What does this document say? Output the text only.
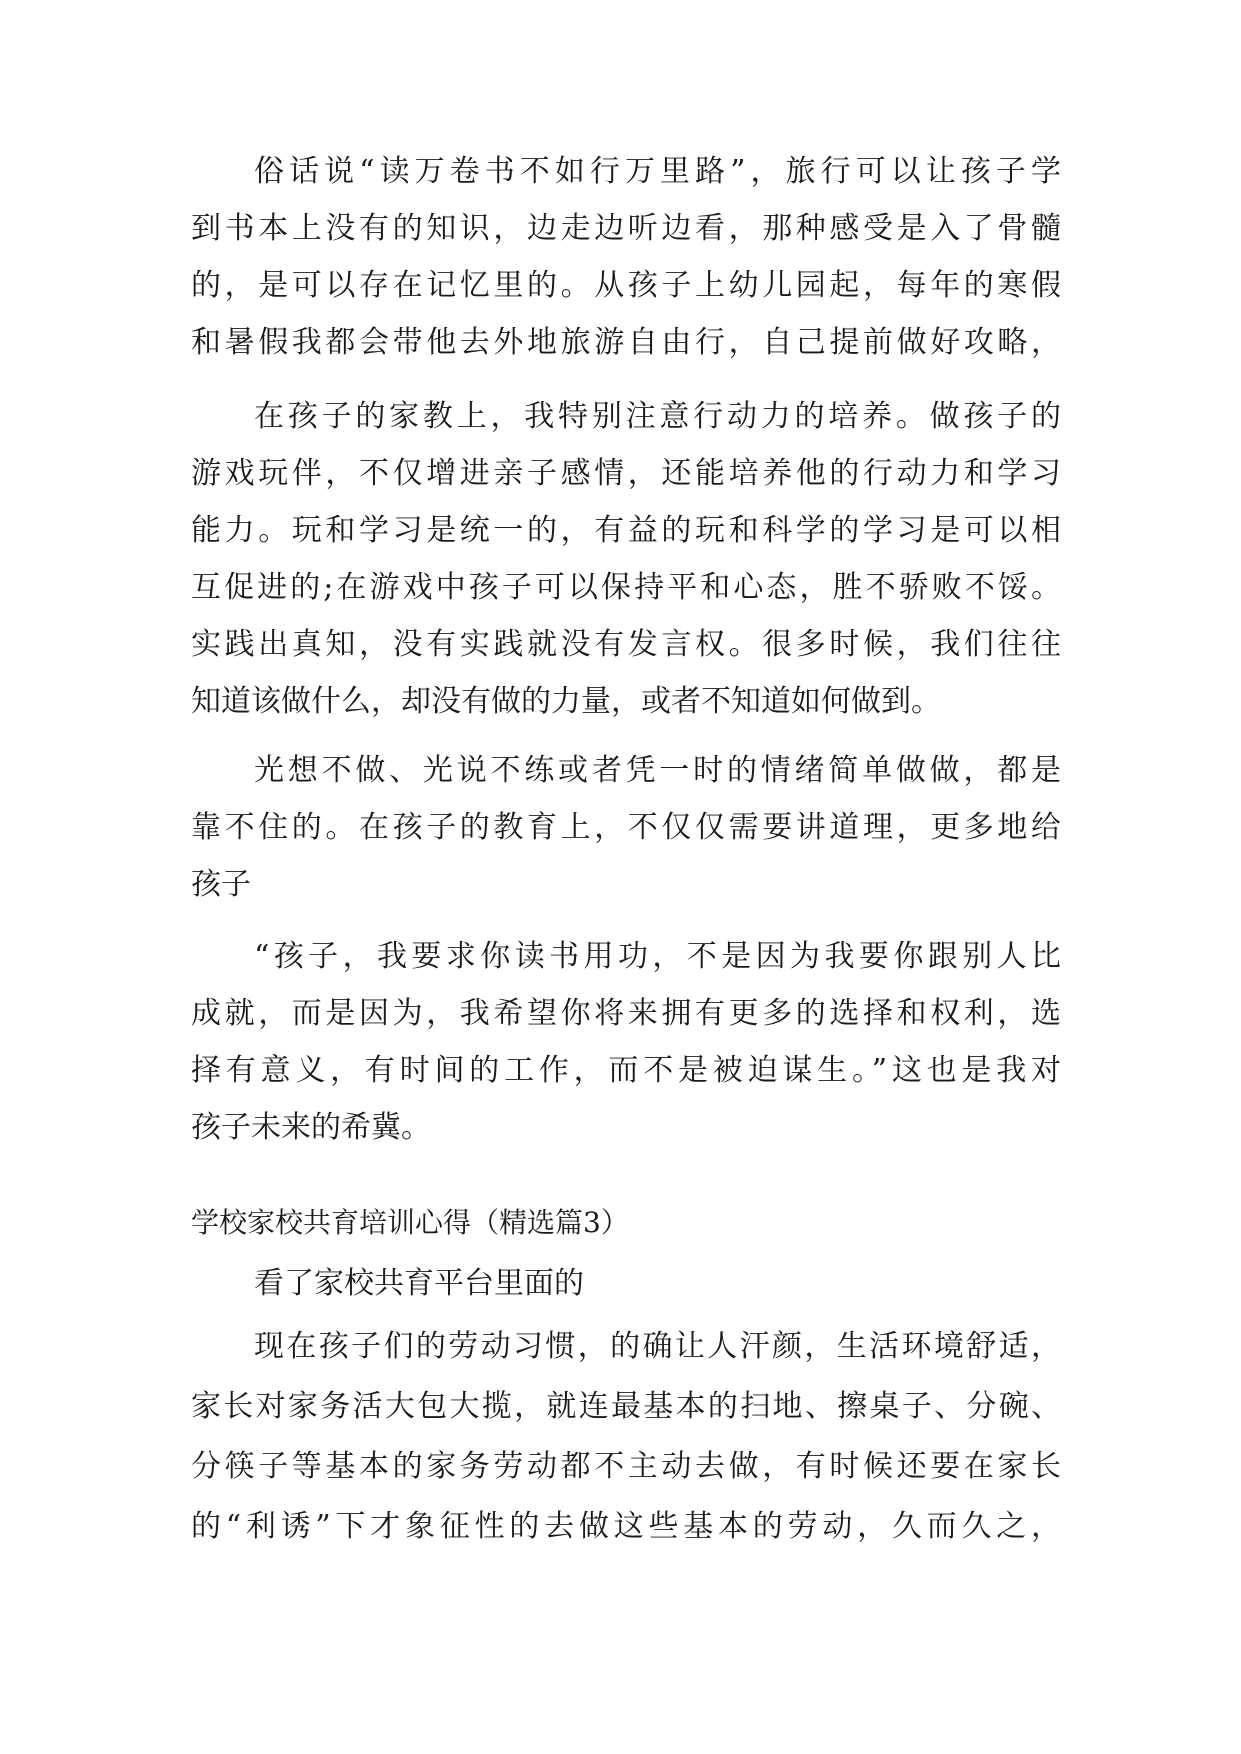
俗话说“读万卷书不如行万里路”，旅行可以让孩子学
到书本上没有的知识，边走边听边看，那种感受是入了骨髓
的，是可以存在记忆里的。从孩子上幼儿园起，每年的寒假
和暑假我都会带他去外地旅游自由行，自己提前做好攻略，
在孩子的家教上，我特别注意行动力的培养。做孩子的
游戏玩伴，不仅增进亲子感情，还能培养他的行动力和学习
能力。玩和学习是统一的，有益的玩和科学的学习是可以相
互促进的;在游戏中孩子可以保持平和心态，胜不骄败不馁。
实践出真知，没有实践就没有发言权。很多时候，我们往往
知道该做什么，却没有做的力量，或者不知道如何做到。
光想不做、光说不练或者凭一时的情绪简单做做，都是
靠不住的。在孩子的教育上，不仅仅需要讲道理，更多地给
孩子
“孩子，我要求你读书用功，不是因为我要你跟别人比
成就，而是因为，我希望你将来拥有更多的选择和权利，选
择有意义，有时间的工作，而不是被迫谋生。”这也是我对
孩子未来的希冀。
学校家校共育培训心得（精选篇3）
看了家校共育平台里面的
现在孩子们的劳动习惯，的确让人汗颜，生活环境舒适，
家长对家务活大包大揽，就连最基本的扫地、擦桌子、分碗、
分筷子等基本的家务劳动都不主动去做，有时候还要在家长
的“利诱”下才象征性的去做这些基本的劳动，久而久之，
